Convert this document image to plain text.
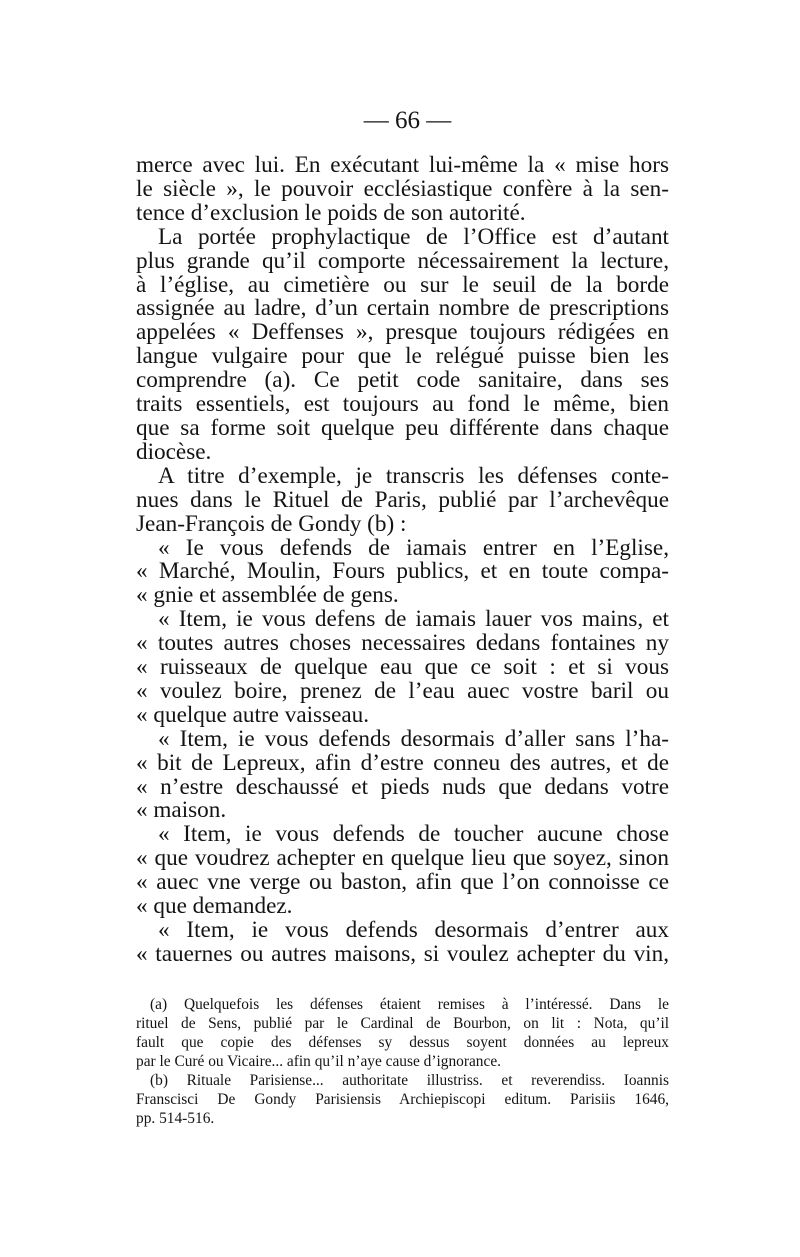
— 66 —
merce avec lui. En exécutant lui-même la « mise hors
le siècle », le pouvoir ecclésiastique confère à la sen-
tence d’exclusion le poids de son autorité.
La portée prophylactique de l’Office est d’autant
plus grande qu’il comporte nécessairement la lecture,
à l’église, au cimetière ou sur le seuil de la borde
assignée au ladre, d’un certain nombre de prescriptions
appelées « Deffenses », presque toujours rédigées en
langue vulgaire pour que le relégué puisse bien les
comprendre (a). Ce petit code sanitaire, dans ses
traits essentiels, est toujours au fond le même, bien
que sa forme soit quelque peu différente dans chaque
diocèse.
A titre d’exemple, je transcris les défenses conte-
nues dans le Rituel de Paris, publié par l’archevêque
Jean-François de Gondy (b) :
« Ie vous defends de iamais entrer en l’Eglise,
« Marché, Moulin, Fours publics, et en toute compa-
« gnie et assemblée de gens.
« Item, ie vous defens de iamais lauer vos mains, et
« toutes autres choses necessaires dedans fontaines ny
« ruisseaux de quelque eau que ce soit : et si vous
« voulez boire, prenez de l’eau auec vostre baril ou
« quelque autre vaisseau.
« Item, ie vous defends desormais d’aller sans l’ha-
« bit de Lepreux, afin d’estre conneu des autres, et de
« n’estre deschaussé et pieds nuds que dedans votre
« maison.
« Item, ie vous defends de toucher aucune chose
« que voudrez achepter en quelque lieu que soyez, sinon
« auec vne verge ou baston, afin que l’on connoisse ce
« que demandez.
« Item, ie vous defends desormais d’entrer aux
« tauernes ou autres maisons, si voulez achepter du vin,
(a) Quelquefois les défenses étaient remises à l’intéressé. Dans le
rituel de Sens, publié par le Cardinal de Bourbon, on lit : Nota, qu’il
fault que copie des défenses sy dessus soyent données au lepreux
par le Curé ou Vicaire... afin qu’il n’aye cause d’ignorance.
(b) Rituale Parisiense... authoritate illustriss. et reverendiss. Ioannis
Franscisci De Gondy Parisiensis Archiepiscopi editum. Parisiis 1646,
pp. 514-516.
